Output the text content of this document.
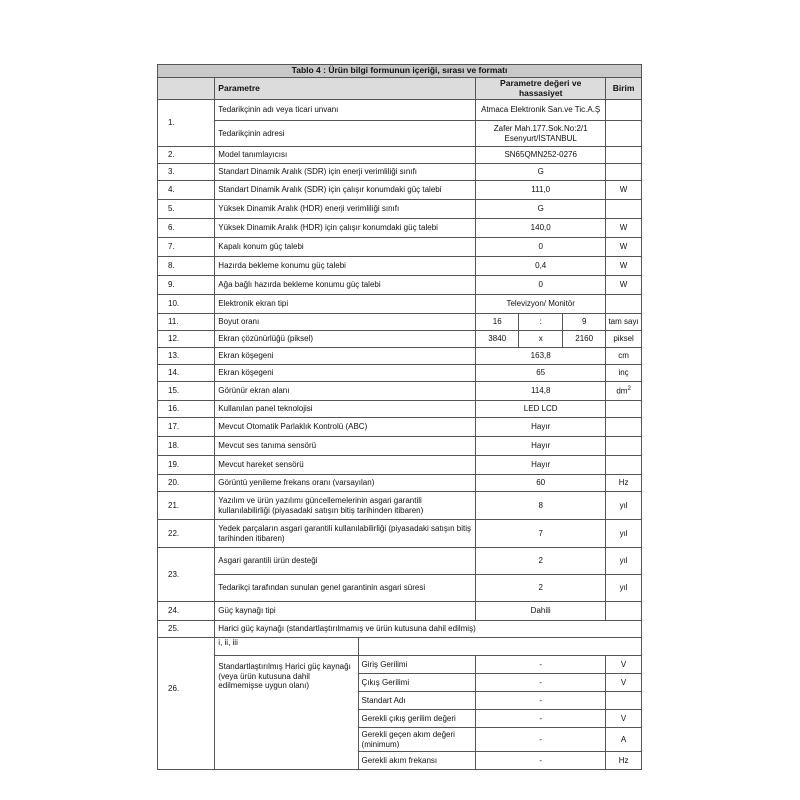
Tablo 4 : Ürün bilgi formunun içeriği, sırası ve formatı						
	Parametre		Parametre değeri ve hassasiyet			Birim
1.	Tedarikçinin adı veya ticari unvanı		Atmaca Elektronik San.ve Tic.A.Ş			
	Tedarikçinin adresi		Zafer Mah.177.Sok.No:2/1 Esenyurt/İSTANBUL			
2.	Model tanımlayıcısı		SN65QMN252-0276			
3.	Standart Dinamik Aralık (SDR) için enerji verimliliği sınıfı		G			
4.	Standart Dinamik Aralık (SDR) için çalışır konumdaki güç talebi		111,0			W
5.	Yüksek Dinamik Aralık (HDR) enerji verimliliği sınıfı		G			
6.	Yüksek Dinamik Aralık (HDR) için çalışır konumdaki güç talebi		140,0			W
7.	Kapalı konum güç talebi		0			W
8.	Hazırda bekleme konumu güç talebi		0,4			W
9.	Ağa bağlı hazırda bekleme konumu güç talebi		0			W
10.	Elektronik ekran tipi		Televizyon/ Monitör			
11.	Boyut oranı		16	:	9	tam sayı
12.	Ekran çözünürlüğü (piksel)		3840	x	2160	piksel
13.	Ekran köşegeni		163,8			cm
14.	Ekran köşegeni		65			inç
15.	Görünür ekran alanı		114,8			$dm^2$
16.	Kullanılan panel teknolojisi		LED LCD			
17.	Mevcut Otomatik Parlaklık Kontrolü (ABC)		Hayır			
18.	Mevcut ses tanıma sensörü		Hayır			
19.	Mevcut hareket sensörü		Hayır			
20.	Görüntü yenileme frekans oranı (varsayılan)		60			Hz
21.	Yazılım ve ürün yazılımı güncellemelerinin asgari garantili kullanılabilirliği (piyasadaki satışın bitiş tarihinden itibaren)		8			yıl
22.	Yedek parçaların asgari garantili kullanılabilirliği (piyasadaki satışın bitiş tarihinden itibaren)		7			yıl
23.	Asgari garantili ürün desteği		2			yıl
	Tedarikçi tarafından sunulan genel garantinin asgari süresi		2			yıl
24.	Güç kaynağı tipi		Dahili			
25.	Harici güç kaynağı (standartlaştırılmamış ve ürün kutusuna dahil edilmiş)					
26.	i, ii, iii					
	Standartlaştırılmış Harici güç kaynağı (veya ürün kutusuna dahil edilmemişse uygun olanı)	Giriş Gerilimi	-			V
		Çıkış Gerilimi	-			V
		Standart Adı	-			
		Gerekli çıkış gerilim değeri	-			V
		Gerekli geçen akım değeri (minimum)	-			A
		Gerekli akım frekansı	-			Hz
